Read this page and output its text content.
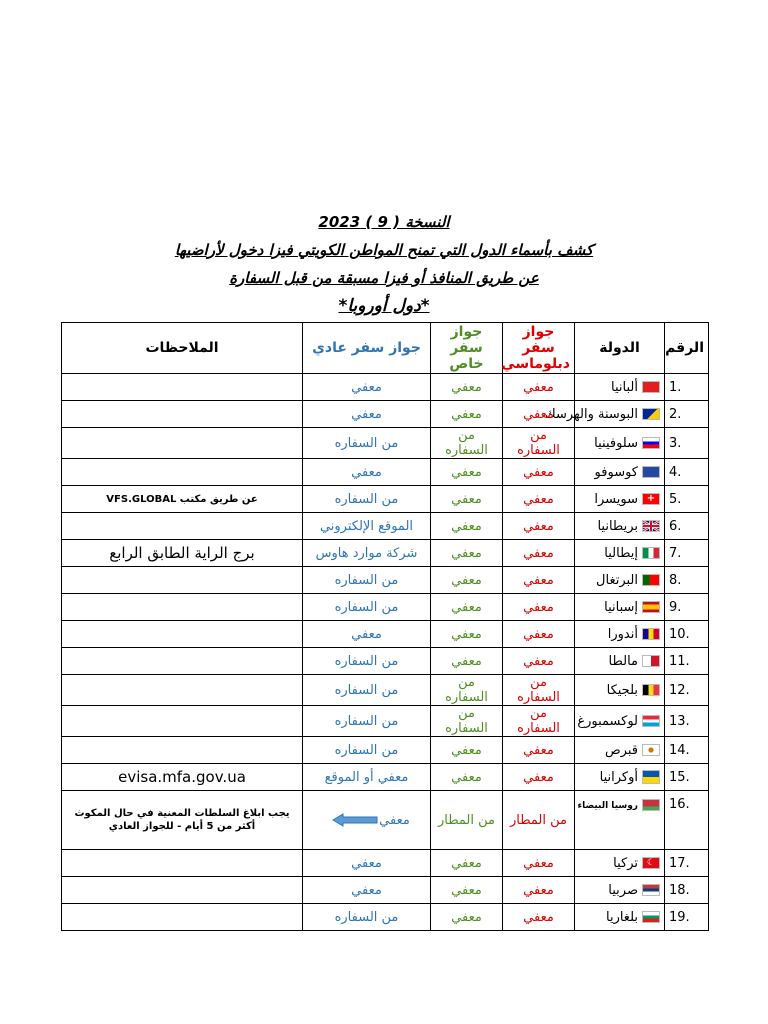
النسخة ( 9 ) 2023
كشف بأسماء الدول التي تمنح المواطن الكويتي فيزا دخول لأراضيها
عن طريق المنافذ أو فيزا مسبقة من قبل السفارة
*دول أوروبا*
الرقم	الدولة	جواز سفر دبلوماسي	جواز سفر خاص	جواز سفر عادي	الملاحظات
1.	ألبانيا	معفي	معفي	معفي	
2.	البوسنة والهرسك	معفي	معفي	معفي	
3.	سلوفينيا	من السفاره	من السفاره	من السفاره	
4.	كوسوفو	معفي	معفي	معفي	
5.	+سويسرا	معفي	معفي	من السفاره	عن طريق مكتب VFS.GLOBAL
6.	بريطانيا	معفي	معفي	الموقع الإلكتروني	
7.	إيطاليا	معفي	معفي	شركة موارد هاوس	برج الراية الطابق الرابع
8.	البرتغال	معفي	معفي	من السفاره	
9.	إسبانيا	معفي	معفي	من السفاره	
10.	أندورا	معفي	معفي	معفي	
11.	مالطا	معفي	معفي	من السفاره	
12.	بلجيكا	من السفاره	من السفاره	من السفاره	
13.	لوكسمبورغ	من السفاره	من السفاره	من السفاره	
14.	قبرص	معفي	معفي	من السفاره	
15.	أوكرانيا	معفي	معفي	معفي أو الموقع	evisa.mfa.gov.ua
16.	روسيا البيضاء	من المطار	من المطار	معفي	يجب ابلاغ السلطات المعنية في حال المكوث أكثر من 5 أيام - للجواز العادي
17.	☾تركيا	معفي	معفي	معفي	
18.	صربيا	معفي	معفي	معفي	
19.	بلغاريا	معفي	معفي	من السفاره	
